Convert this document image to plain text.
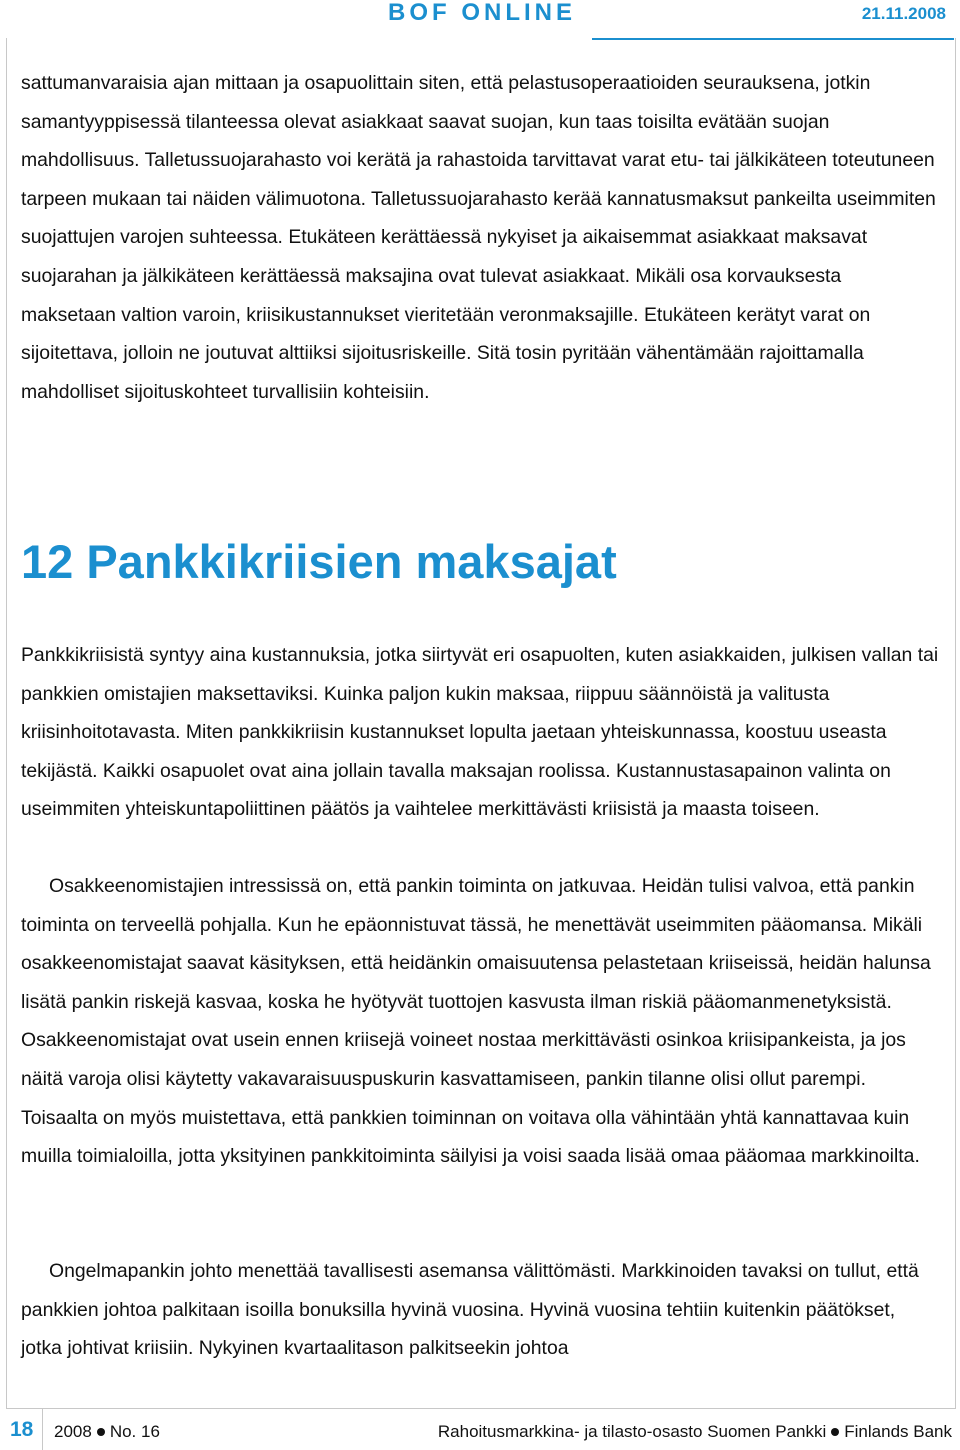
BOF ONLINE	21.11.2008

sattumanvaraisia ajan mittaan ja osapuolittain siten, että pelastusoperaatioiden seurauksena, jotkin samantyyppisessä tilanteessa olevat asiakkaat saavat suojan, kun taas toisilta evätään suojan mahdollisuus. Talletussuojarahasto voi kerätä ja rahastoida tarvittavat varat etu- tai jälkikäteen toteutuneen tarpeen mukaan tai näiden välimuotona. Talletussuojarahasto kerää kannatusmaksut pankeilta useimmiten suojattujen varojen suhteessa. Etukäteen kerättäessä nykyiset ja aikaisemmat asiakkaat maksavat suojarahan ja jälkikäteen kerättäessä maksajina ovat tulevat asiakkaat. Mikäli osa korvauksesta maksetaan valtion varoin, kriisikustannukset vieritetään veronmaksajille. Etukäteen kerätyt varat on sijoitettava, jolloin ne joutuvat alttiiksi sijoitusriskeille. Sitä tosin pyritään vähentämään rajoittamalla mahdolliset sijoituskohteet turvallisiin kohteisiin.

12 Pankkikriisien maksajat

Pankkikriisistä syntyy aina kustannuksia, jotka siirtyvät eri osapuolten, kuten asiakkaiden, julkisen vallan tai pankkien omistajien maksettaviksi. Kuinka paljon kukin maksaa, riippuu säännöistä ja valitusta kriisinhoitotavasta. Miten pankkikriisin kustannukset lopulta jaetaan yhteiskunnassa, koostuu useasta tekijästä. Kaikki osapuolet ovat aina jollain tavalla maksajan roolissa. Kustannustasapainon valinta on useimmiten yhteiskuntapoliittinen päätös ja vaihtelee merkittävästi kriisistä ja maasta toiseen.

Osakkeenomistajien intressissä on, että pankin toiminta on jatkuvaa. Heidän tulisi valvoa, että pankin toiminta on terveellä pohjalla. Kun he epäonnistuvat tässä, he menettävät useimmiten pääomansa. Mikäli osakkeenomistajat saavat käsityksen, että heidänkin omaisuutensa pelastetaan kriiseissä, heidän halunsa lisätä pankin riskejä kasvaa, koska he hyötyvät tuottojen kasvusta ilman riskiä pääomanmenetyksistä. Osakkeenomistajat ovat usein ennen kriisejä voineet nostaa merkittävästi osinkoa kriisipankeista, ja jos näitä varoja olisi käytetty vakavaraisuuspuskurin kasvattamiseen, pankin tilanne olisi ollut parempi. Toisaalta on myös muistettava, että pankkien toiminnan on voitava olla vähintään yhtä kannattavaa kuin muilla toimialoilla, jotta yksityinen pankkitoiminta säilyisi ja voisi saada lisää omaa pääomaa markkinoilta.

Ongelmapankin johto menettää tavallisesti asemansa välittömästi. Markkinoiden tavaksi on tullut, että pankkien johtoa palkitaan isoilla bonuksilla hyvinä vuosina. Hyvinä vuosina tehtiin kuitenkin päätökset, jotka johtivat kriisiin. Nykyinen kvartaalitason palkitseekin johtoa

18 2008 No. 16	Rahoitusmarkkina- ja tilasto-osasto Suomen Pankki Finlands Bank
